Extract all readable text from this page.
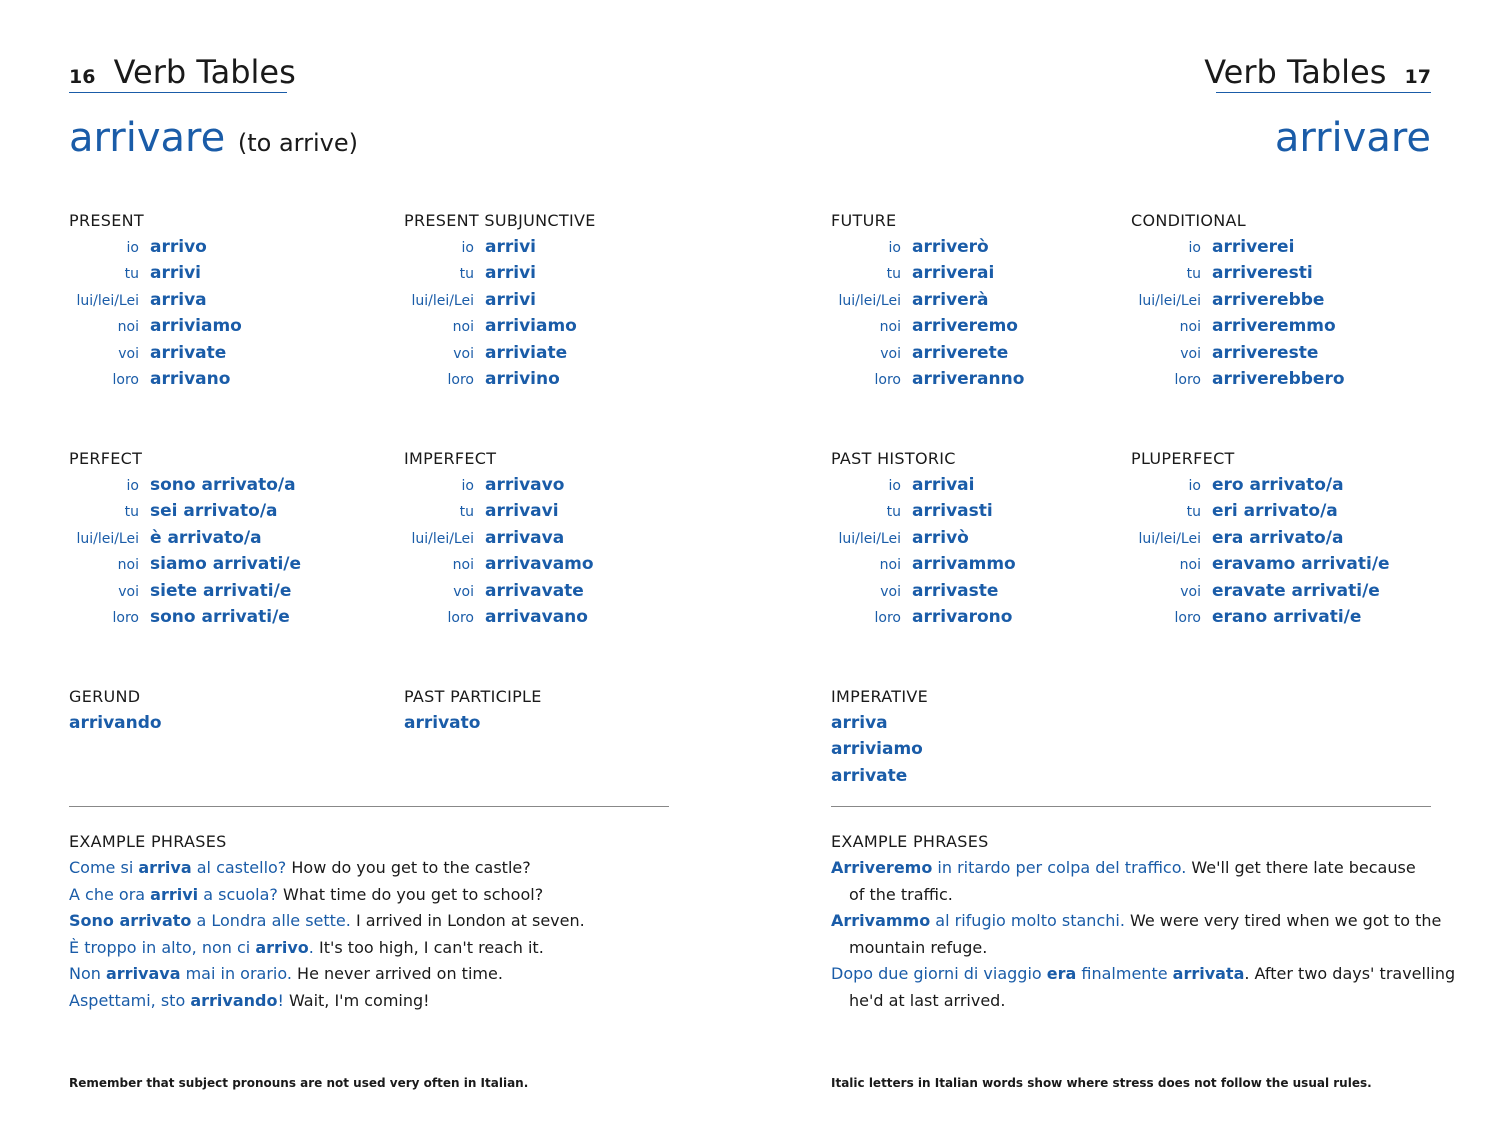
16 Verb Tables	Verb Tables 17
arrivare (to arrive)	arrivare
PRESENT
io arrivo
tu arrivi
lui/lei/Lei arriva
noi arriviamo
voi arrivate
loro arrivano
PRESENT SUBJUNCTIVE
io arrivi
tu arrivi
lui/lei/Lei arrivi
noi arriviamo
voi arriviate
loro arrivino
FUTURE
io arriverò
tu arriverai
lui/lei/Lei arriverà
noi arriveremo
voi arriverete
loro arriveranno
CONDITIONAL
io arriverei
tu arriveresti
lui/lei/Lei arriverebbe
noi arriveremmo
voi arrivereste
loro arriverebbero
PERFECT
io sono arrivato/a
tu sei arrivato/a
lui/lei/Lei è arrivato/a
noi siamo arrivati/e
voi siete arrivati/e
loro sono arrivati/e
IMPERFECT
io arrivavo
tu arrivavi
lui/lei/Lei arrivava
noi arrivavamo
voi arrivavate
loro arrivavano
PAST HISTORIC
io arrivai
tu arrivasti
lui/lei/Lei arrivò
noi arrivammo
voi arrivaste
loro arrivarono
PLUPERFECT
io ero arrivato/a
tu eri arrivato/a
lui/lei/Lei era arrivato/a
noi eravamo arrivati/e
voi eravate arrivati/e
loro erano arrivati/e
GERUND
arrivando
PAST PARTICIPLE
arrivato
IMPERATIVE
arriva
arriviamo
arrivate
EXAMPLE PHRASES
Come si arriva al castello? How do you get to the castle?
A che ora arrivi a scuola? What time do you get to school?
Sono arrivato a Londra alle sette. I arrived in London at seven.
È troppo in alto, non ci arrivo. It's too high, I can't reach it.
Non arrivava mai in orario. He never arrived on time.
Aspettami, sto arrivando! Wait, I'm coming!
EXAMPLE PHRASES
Arriveremo in ritardo per colpa del traffico. We'll get there late because
of the traffic.
Arrivammo al rifugio molto stanchi. We were very tired when we got to the
mountain refuge.
Dopo due giorni di viaggio era finalmente arrivata. After two days' travelling
he'd at last arrived.
Remember that subject pronouns are not used very often in Italian.	Italic letters in Italian words show where stress does not follow the usual rules.
